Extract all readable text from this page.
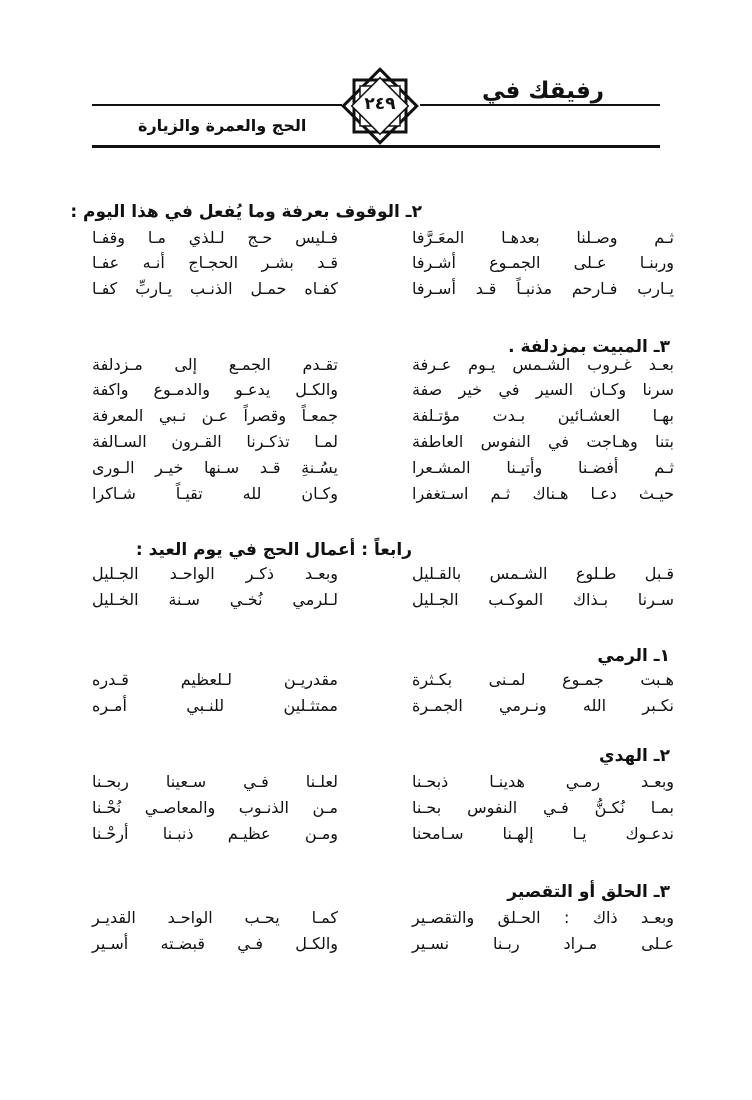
رفيقك في
الحج والعمرة والزيارة
٢٤٩
٢ـ الوقوف بعرفة وما يُفعل في هذا اليوم :
ثـم وصـلنا بعدهـا المعَـرَّفا
فـليس حـج لـلذي مـا وقفـا
وربنـا عـلى الجمـوع أشـرفا
قـد بشـر الحجـاج أنـه عفـا
يـارب فـارحم مذنبـاً قـد أسـرفا
كفـاه حمـل الذنـب يـاربِّ كفـا
٣ـ المبيت بمزدلفة .
بعـد غـروب الشـمس يـوم عـرفة
تقـدم الجمـع إلى مـزدلفة
سرنا وكـان السير في خير صفة
والكـل يدعـو والدمـوع واكفة
بهـا العشـائين بـدت مؤتـلفة
جمعـاً وقصراً عـن نـبي المعرفة
بتنا وهـاجت في النفوس العاطفة
لمـا تذكـرنا القـرون السـالفة
ثـم أفضـنا وأتيـنا المشـعرا
يسُـنةِ قـد سـنها خيـر الـورى
حيـث دعـا هـناك ثـم اسـتغفرا
وكـان لله تقيـاً شـاكرا
رابعاً : أعمال الحج في يوم العيد :
قـبل طـلوع الشـمس بالقـليل
وبعـد ذكـر الواحـد الجـليل
سـرنا بـذاك الموكـب الجـليل
لـلرمي نُخـي سـنة الخـليل
١ـ الرمي
هـبت جمـوع لمـنى بكـثرة
مقدريـن لـلعظيم قـدره
نكـبر الله ونـرمي الجمـرة
ممتثـلين للنـبي أمـره
٢ـ الهدي
وبعـد رمـي هدينـا ذبحـنا
لعلـنا فـي سـعينا ربحـنا
بمـا نُكـنُّ فـي النفوس بحـنا
مـن الذنـوب والمعاصـي نُحْـنا
ندعـوك يـا إلهـنا سـامحنا
ومـن عظيـم ذنبـنا أرحْـنا
٣ـ الحلق أو التقصير
وبعـد ذاك : الحـلق والتقصـير
كمـا يحـب الواحـد القديـر
عـلى مـراد ربـنا نسـير
والكـل فـي قبضـته أسـير
